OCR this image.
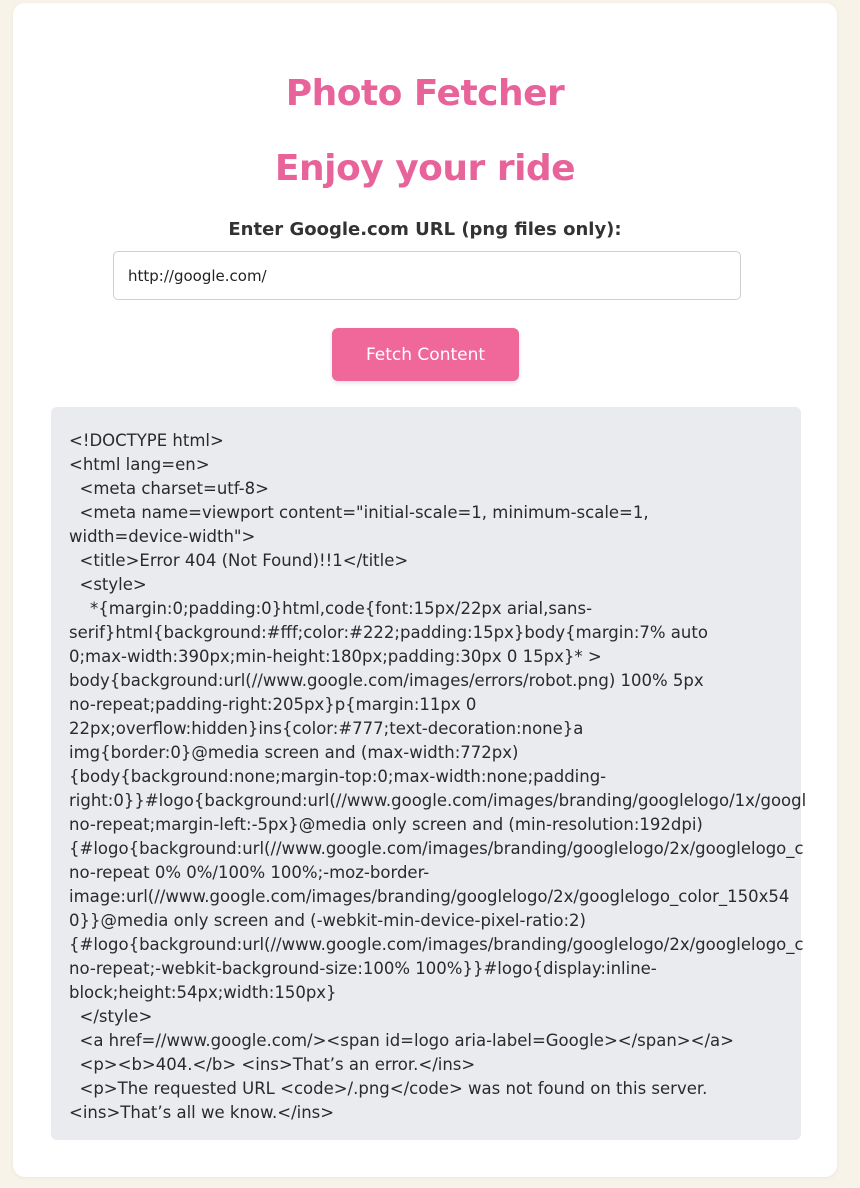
Photo Fetcher
Enjoy your ride
Enter Google.com URL (png files only):
http://google.com/
Fetch Content
<!DOCTYPE html>
<html lang=en>
<meta charset=utf-8>
<meta name=viewport content="initial-scale=1, minimum-scale=1,
width=device-width">
<title>Error 404 (Not Found)!!1</title>
<style>
*{margin:0;padding:0}html,code{font:15px/22px arial,sans-
serif}html{background:#fff;color:#222;padding:15px}body{margin:7% auto
0;max-width:390px;min-height:180px;padding:30px 0 15px}* >
body{background:url(//www.google.com/images/errors/robot.png) 100% 5px
no-repeat;padding-right:205px}p{margin:11px 0
22px;overflow:hidden}ins{color:#777;text-decoration:none}a
img{border:0}@media screen and (max-width:772px)
{body{background:none;margin-top:0;max-width:none;padding-
right:0}}#logo{background:url(//www.google.com/images/branding/googlelogo/1x/googl
no-repeat;margin-left:-5px}@media only screen and (min-resolution:192dpi)
{#logo{background:url(//www.google.com/images/branding/googlelogo/2x/googlelogo_c
no-repeat 0% 0%/100% 100%;-moz-border-
image:url(//www.google.com/images/branding/googlelogo/2x/googlelogo_color_150x54
0}}@media only screen and (-webkit-min-device-pixel-ratio:2)
{#logo{background:url(//www.google.com/images/branding/googlelogo/2x/googlelogo_c
no-repeat;-webkit-background-size:100% 100%}}#logo{display:inline-
block;height:54px;width:150px}
</style>
<a href=//www.google.com/><span id=logo aria-label=Google></span></a>
<p><b>404.</b> <ins>That’s an error.</ins>
<p>The requested URL <code>/.png</code> was not found on this server.
<ins>That’s all we know.</ins>
